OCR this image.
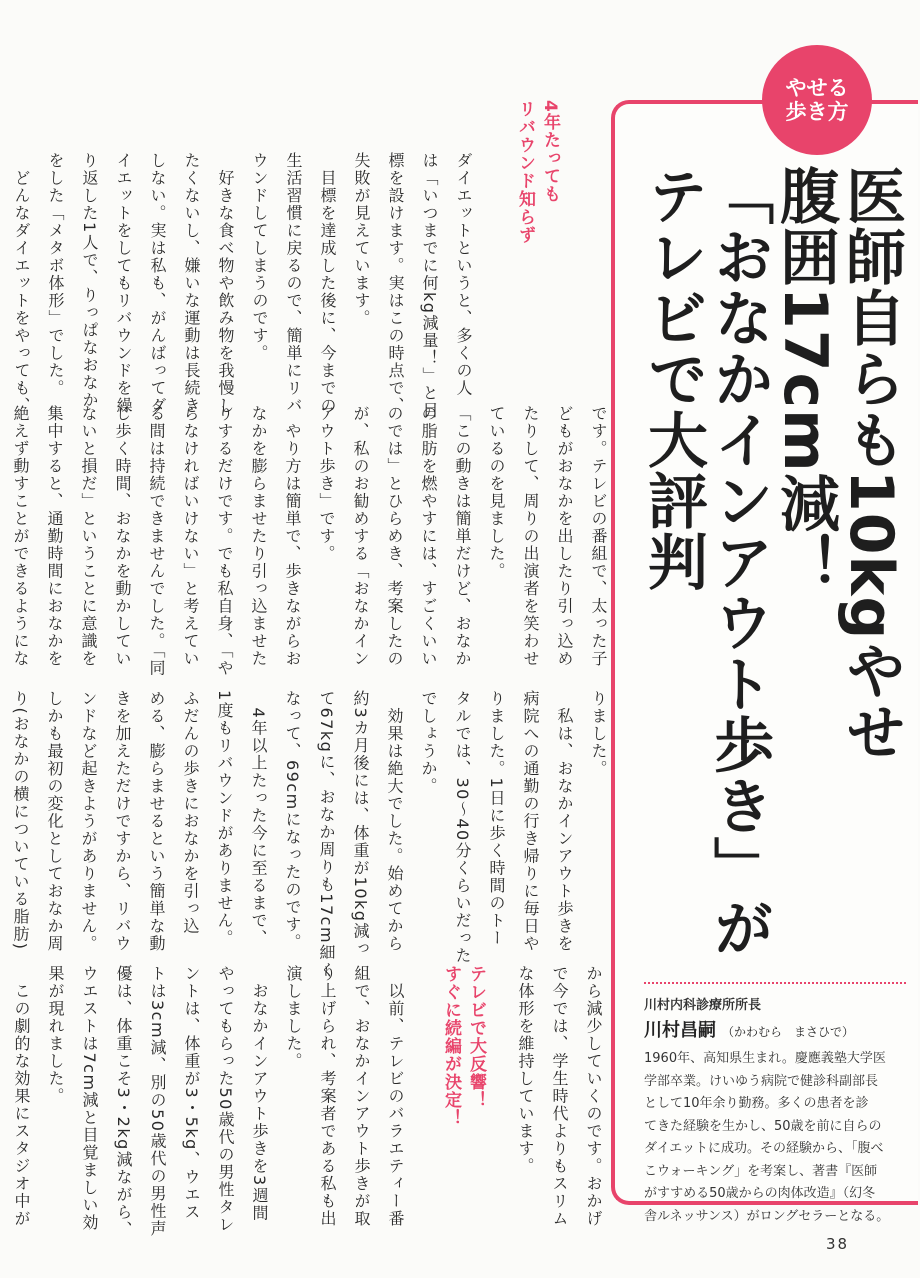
医師自らも10kgやせ
腹囲17cm減！
「おなかインアウト歩き」が
テレビで大評判
やせる
歩き方
4年たっても
リバウンド知らず
ダイエットというと、多くの人
は「いつまでに何kg減量！」と目
標を設けます。実はこの時点で、
失敗が見えています。
　目標を達成した後に、今までの
生活習慣に戻るので、簡単にリバ
ウンドしてしまうのです。
　好きな食べ物や飲み物を我慢し
たくないし、嫌いな運動は長続き
しない。実は私も、がんばってダ
イエットをしてもリバウンドを繰
り返した1人で、りっぱなおなか
をした「メタボ体形」でした。
　どんなダイエットをやっても、

です。テレビの番組で、太った子
どもがおなかを出したり引っ込め
たりして、周りの出演者を笑わせ
ているのを見ました。
「この動きは簡単だけど、おなか
の脂肪を燃やすには、すごくいい
のでは」とひらめき、考案したの
が、私のお勧めする「おなかイン
アウト歩き」です。
　やり方は簡単で、歩きながらお
なかを膨らませたり引っ込ませた
りするだけです。でも私自身、「や
らなければいけない」と考えてい
る間は持続できませんでした。「同
じ歩く時間、おなかを動かしてい
ないと損だ」ということに意識を
集中すると、通勤時間におなかを
絶えず動すことができるようにな
りました。
　私は、おなかインアウト歩きを
病院への通勤の行き帰りに毎日や
りました。1日に歩く時間のトー
タルでは、30～40分くらいだった
でしょうか。
　効果は絶大でした。始めてから
約3カ月後には、体重が10kg減っ
て67kgに、おなか周りも17cm細く
なって、69cmになったのです。
　4年以上たった今に至るまで、
1度もリバウンドがありません。
ふだんの歩きにおなかを引っ込
める、膨らませるという簡単な動
きを加えただけですから、リバウ
ンドなど起きようがありません。
しかも最初の変化としておなか周
り(おなかの横についている脂肪)
から減少していくのです。おかげ
で今では、学生時代よりもスリム
な体形を維持しています。
テレビで大反響！
すぐに続編が決定！
　以前、テレビのバラエティー番
組で、おなかインアウト歩きが取
り上げられ、考案者である私も出
演しました。
　おなかインアウト歩きを3週間
やってもらった50歳代の男性タレ
ントは、体重が3・5kg、ウエス
トは3cm減、別の50歳代の男性声
優は、体重こそ3・2kg減ながら、
ウエストは7cm減と目覚ましい効
果が現れました。
　この劇的な効果にスタジオ中が	川村内科診療所所長
川村昌嗣 （かわむら　まさひで）
1960年、高知県生まれ。慶應義塾大学医
学部卒業。けいゆう病院で健診科副部長
として10年余り勤務。多くの患者を診
てきた経験を生かし、50歳を前に自らの
ダイエットに成功。その経験から、「腹べ
こウォーキング」を考案し、著書『医師
がすすめる50歳からの肉体改造』（幻冬
舎ルネッサンス）がロングセラーとなる。
38
